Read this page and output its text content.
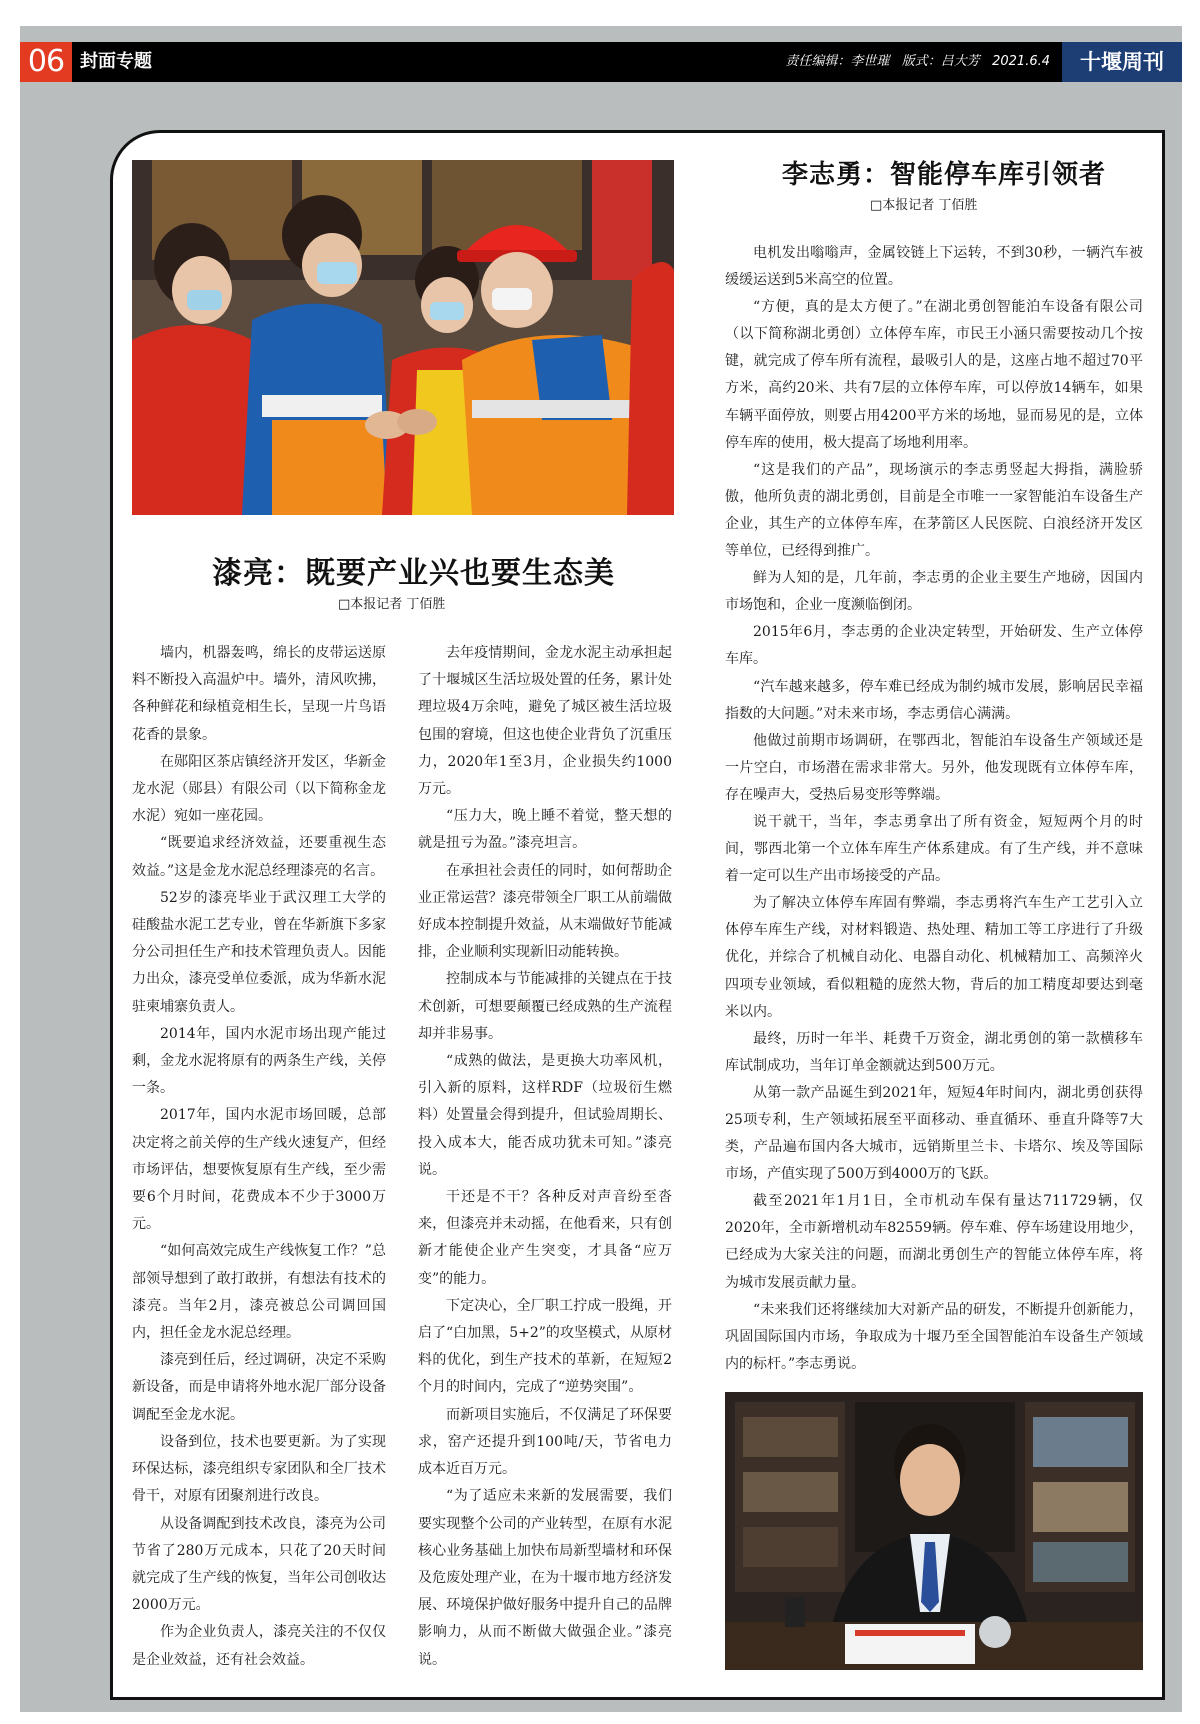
06 封面专题	责任编辑：李世璀   版式：吕大芳   2021.6.4	十堰周刊
漆亮：既要产业兴也要生态美
□本报记者 丁佰胜

墙内，机器轰鸣，绵长的皮带运送原料不断投入高温炉中。墙外，清风吹拂，各种鲜花和绿植竞相生长，呈现一片鸟语花香的景象。

在郧阳区茶店镇经济开发区，华新金龙水泥（郧县）有限公司（以下简称金龙水泥）宛如一座花园。

“既要追求经济效益，还要重视生态效益。”这是金龙水泥总经理漆亮的名言。

52岁的漆亮毕业于武汉理工大学的硅酸盐水泥工艺专业，曾在华新旗下多家分公司担任生产和技术管理负责人。因能力出众，漆亮受单位委派，成为华新水泥驻柬埔寨负责人。

2014年，国内水泥市场出现产能过剩，金龙水泥将原有的两条生产线，关停一条。

2017年，国内水泥市场回暖，总部决定将之前关停的生产线火速复产，但经市场评估，想要恢复原有生产线，至少需要6个月时间，花费成本不少于3000万元。

“如何高效完成生产线恢复工作？”总部领导想到了敢打敢拼，有想法有技术的漆亮。当年2月，漆亮被总公司调回国内，担任金龙水泥总经理。

漆亮到任后，经过调研，决定不采购新设备，而是申请将外地水泥厂部分设备调配至金龙水泥。

设备到位，技术也要更新。为了实现环保达标，漆亮组织专家团队和全厂技术骨干，对原有团聚剂进行改良。

从设备调配到技术改良，漆亮为公司节省了280万元成本，只花了20天时间就完成了生产线的恢复，当年公司创收达2000万元。

作为企业负责人，漆亮关注的不仅仅是企业效益，还有社会效益。

去年疫情期间，金龙水泥主动承担起了十堰城区生活垃圾处置的任务，累计处理垃圾4万余吨，避免了城区被生活垃圾包围的窘境，但这也使企业背负了沉重压力，2020年1至3月，企业损失约1000万元。

“压力大，晚上睡不着觉，整天想的就是扭亏为盈。”漆亮坦言。

在承担社会责任的同时，如何帮助企业正常运营？漆亮带领全厂职工从前端做好成本控制提升效益，从末端做好节能减排，企业顺利实现新旧动能转换。

控制成本与节能减排的关键点在于技术创新，可想要颠覆已经成熟的生产流程却并非易事。

“成熟的做法，是更换大功率风机，引入新的原料，这样RDF（垃圾衍生燃料）处置量会得到提升，但试验周期长、投入成本大，能否成功犹未可知。”漆亮说。

干还是不干？各种反对声音纷至沓来，但漆亮并未动摇，在他看来，只有创新才能使企业产生突变，才具备“应万变”的能力。

下定决心，全厂职工拧成一股绳，开启了“白加黑，5+2”的攻坚模式，从原材料的优化，到生产技术的革新，在短短2个月的时间内，完成了“逆势突围”。

而新项目实施后，不仅满足了环保要求，窑产还提升到100吨/天，节省电力成本近百万元。

“为了适应未来新的发展需要，我们要实现整个公司的产业转型，在原有水泥核心业务基础上加快布局新型墙材和环保及危废处理产业，在为十堰市地方经济发展、环境保护做好服务中提升自己的品牌影响力，从而不断做大做强企业。”漆亮说。

李志勇：智能停车库引领者
□本报记者 丁佰胜

电机发出嗡嗡声，金属铰链上下运转，不到30秒，一辆汽车被缓缓运送到5米高空的位置。

“方便，真的是太方便了。”在湖北勇创智能泊车设备有限公司（以下简称湖北勇创）立体停车库，市民王小涵只需要按动几个按键，就完成了停车所有流程，最吸引人的是，这座占地不超过70平方米，高约20米、共有7层的立体停车库，可以停放14辆车，如果车辆平面停放，则要占用4200平方米的场地，显而易见的是，立体停车库的使用，极大提高了场地利用率。

“这是我们的产品”，现场演示的李志勇竖起大拇指，满脸骄傲，他所负责的湖北勇创，目前是全市唯一一家智能泊车设备生产企业，其生产的立体停车库，在茅箭区人民医院、白浪经济开发区等单位，已经得到推广。

鲜为人知的是，几年前，李志勇的企业主要生产地磅，因国内市场饱和，企业一度濒临倒闭。

2015年6月，李志勇的企业决定转型，开始研发、生产立体停车库。

“汽车越来越多，停车难已经成为制约城市发展，影响居民幸福指数的大问题。”对未来市场，李志勇信心满满。

他做过前期市场调研，在鄂西北，智能泊车设备生产领域还是一片空白，市场潜在需求非常大。另外，他发现既有立体停车库，存在噪声大，受热后易变形等弊端。

说干就干，当年，李志勇拿出了所有资金，短短两个月的时间，鄂西北第一个立体车库生产体系建成。有了生产线，并不意味着一定可以生产出市场接受的产品。

为了解决立体停车库固有弊端，李志勇将汽车生产工艺引入立体停车库生产线，对材料锻造、热处理、精加工等工序进行了升级优化，并综合了机械自动化、电器自动化、机械精加工、高频淬火四项专业领域，看似粗糙的庞然大物，背后的加工精度却要达到毫米以内。

最终，历时一年半、耗费千万资金，湖北勇创的第一款横移车库试制成功，当年订单金额就达到500万元。

从第一款产品诞生到2021年，短短4年时间内，湖北勇创获得25项专利，生产领域拓展至平面移动、垂直循环、垂直升降等7大类，产品遍布国内各大城市，远销斯里兰卡、卡塔尔、埃及等国际市场，产值实现了500万到4000万的飞跃。

截至2021年1月1日，全市机动车保有量达711729辆，仅2020年，全市新增机动车82559辆。停车难、停车场建设用地少，已经成为大家关注的问题，而湖北勇创生产的智能立体停车库，将为城市发展贡献力量。

“未来我们还将继续加大对新产品的研发，不断提升创新能力，巩固国际国内市场，争取成为十堰乃至全国智能泊车设备生产领域内的标杆。”李志勇说。
